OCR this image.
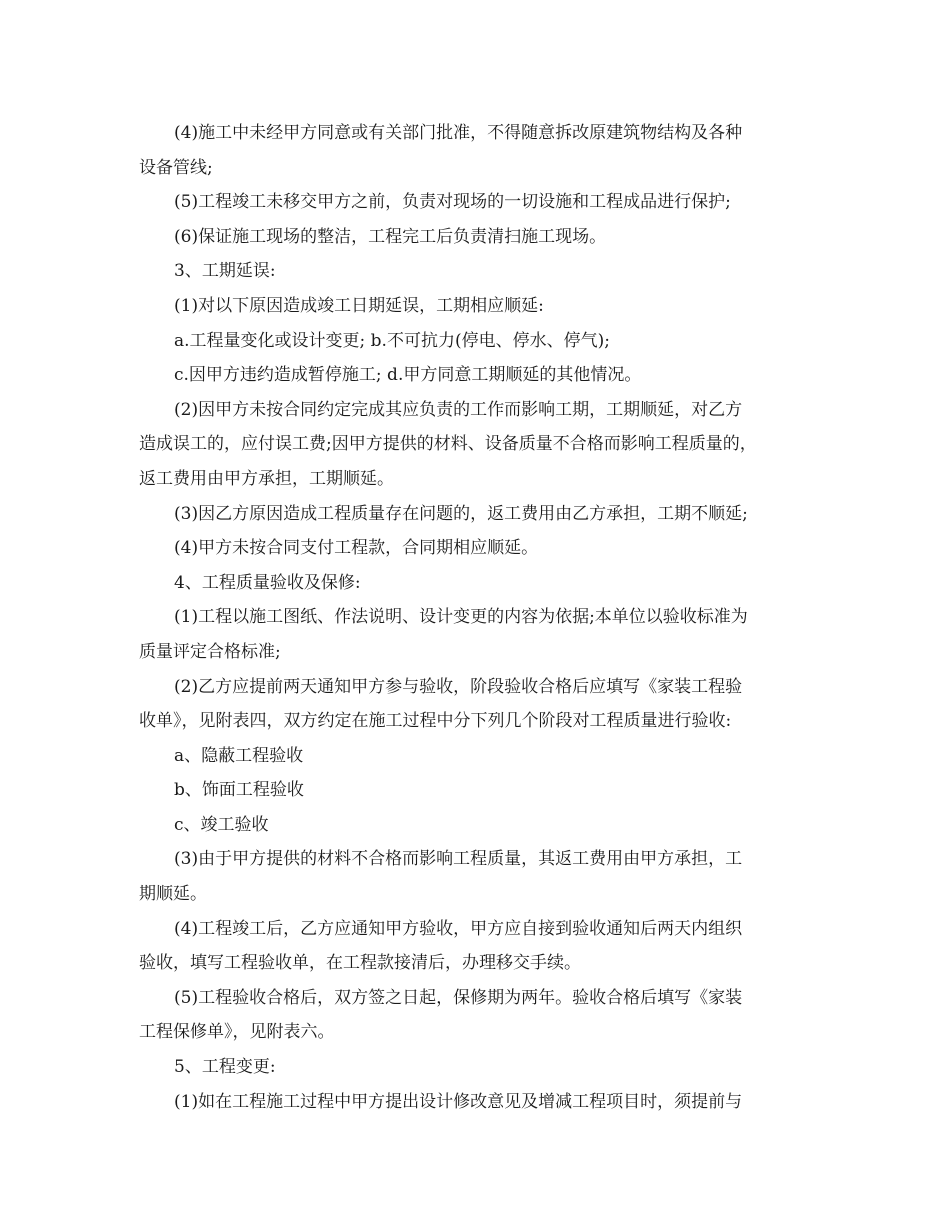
(4)施工中未经甲方同意或有关部门批准，不得随意拆改原建筑物结构及各种
设备管线;
(5)工程竣工未移交甲方之前，负责对现场的一切设施和工程成品进行保护;
(6)保证施工现场的整洁，工程完工后负责清扫施工现场。
3、工期延误:
(1)对以下原因造成竣工日期延误，工期相应顺延:
a.工程量变化或设计变更; b.不可抗力(停电、停水、停气);
c.因甲方违约造成暂停施工; d.甲方同意工期顺延的其他情况。
(2)因甲方未按合同约定完成其应负责的工作而影响工期，工期顺延，对乙方
造成误工的，应付误工费;因甲方提供的材料、设备质量不合格而影响工程质量的，
返工费用由甲方承担，工期顺延。
(3)因乙方原因造成工程质量存在问题的，返工费用由乙方承担，工期不顺延;
(4)甲方未按合同支付工程款，合同期相应顺延。
4、工程质量验收及保修:
(1)工程以施工图纸、作法说明、设计变更的内容为依据;本单位以验收标准为
质量评定合格标准;
(2)乙方应提前两天通知甲方参与验收，阶段验收合格后应填写《家装工程验
收单》，见附表四，双方约定在施工过程中分下列几个阶段对工程质量进行验收:
a、隐蔽工程验收
b、饰面工程验收
c、竣工验收
(3)由于甲方提供的材料不合格而影响工程质量，其返工费用由甲方承担，工
期顺延。
(4)工程竣工后，乙方应通知甲方验收，甲方应自接到验收通知后两天内组织
验收，填写工程验收单，在工程款接清后，办理移交手续。
(5)工程验收合格后，双方签之日起，保修期为两年。验收合格后填写《家装
工程保修单》，见附表六。
5、工程变更:
(1)如在工程施工过程中甲方提出设计修改意见及增减工程项目时，须提前与
